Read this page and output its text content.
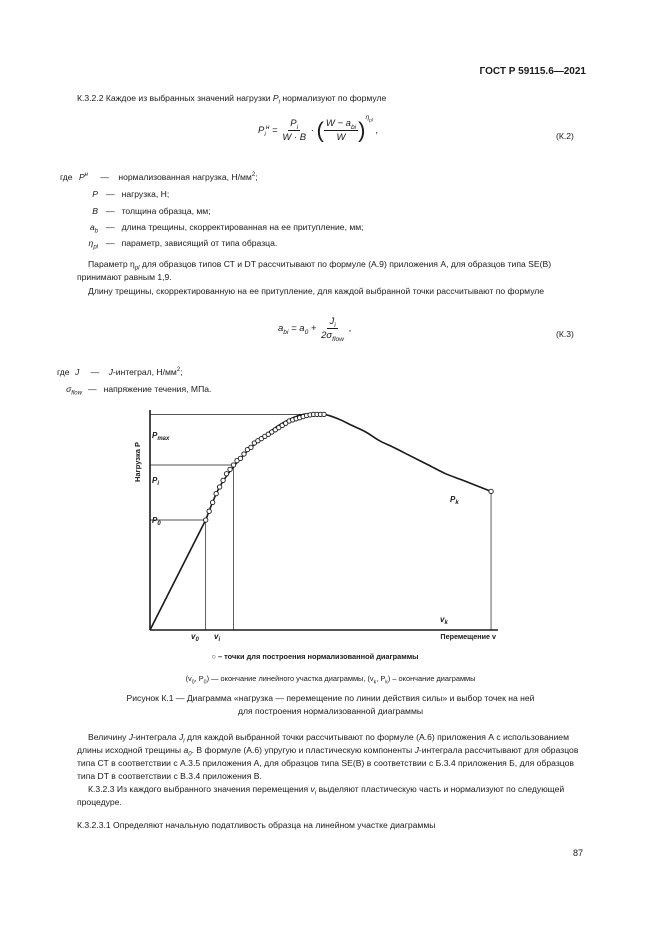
ГОСТ Р 59115.6—2021
К.3.2.2 Каждое из выбранных значений нагрузки $P_i$ нормализуют по формуле
$P_i^н = \frac{P_i}{W \cdot B}$ · ( $\frac{W - a_{bi}}{W} )^{\eta_{pl}}$ ,	(К.2)
где $P^н$ — нормализованная нагрузка, $Н/мм^2$;
P — нагрузка, Н;
B — толщина образца, мм;
$a_b$ — длина трещины, скорректированная на ее притупление, мм;
$\eta_{pl}$ — параметр, зависящий от типа образца.
Параметр $\eta_{pl}$ для образцов типов СТ и DT рассчитывают по формуле (А.9) приложения А, для образцов типа SE(B) принимают равным 1,9.
Длину трещины, скорректированную на ее притупление, для каждой выбранной точки рассчитывают по формуле
$a_{bi} = a_0 + \frac{J_i}{2\sigma_{flow}}$ ,	(К.3)
где J — J-интеграл, $Н/мм^2$;
$\sigma_{flow}$ — напряжение течения, МПа.
Нагрузка P
Перемещение v
$P_{max}$
$P_i$
$P_0$
$P_k$
$v_0$ $v_i$
$v_k$
○ – точки для построения нормализованной диаграммы
($v_0$, $P_0$) — окончание линейного участка диаграммы, ($v_k$, $P_k$) – окончание диаграммы
Рисунок К.1 — Диаграмма «нагрузка — перемещение по линии действия силы» и выбор точек на ней
для построения нормализованной диаграммы
Величину J-интеграла $J_i$ для каждой выбранной точки рассчитывают по формуле (А.6) приложения А с использованием длины исходной трещины $a_0$. В формуле (А.6) упругую и пластическую компоненты J-интеграла рассчитывают для образцов типа СТ в соответствии с А.3.5 приложения А, для образцов типа SE(B) в соответствии с Б.3.4 приложения Б, для образцов типа DT в соответствии с В.3.4 приложения В.
К.3.2.3 Из каждого выбранного значения перемещения $v_i$ выделяют пластическую часть и нормализуют по следующей процедуре.
К.3.2.3.1 Определяют начальную податливость образца на линейном участке диаграммы
87
